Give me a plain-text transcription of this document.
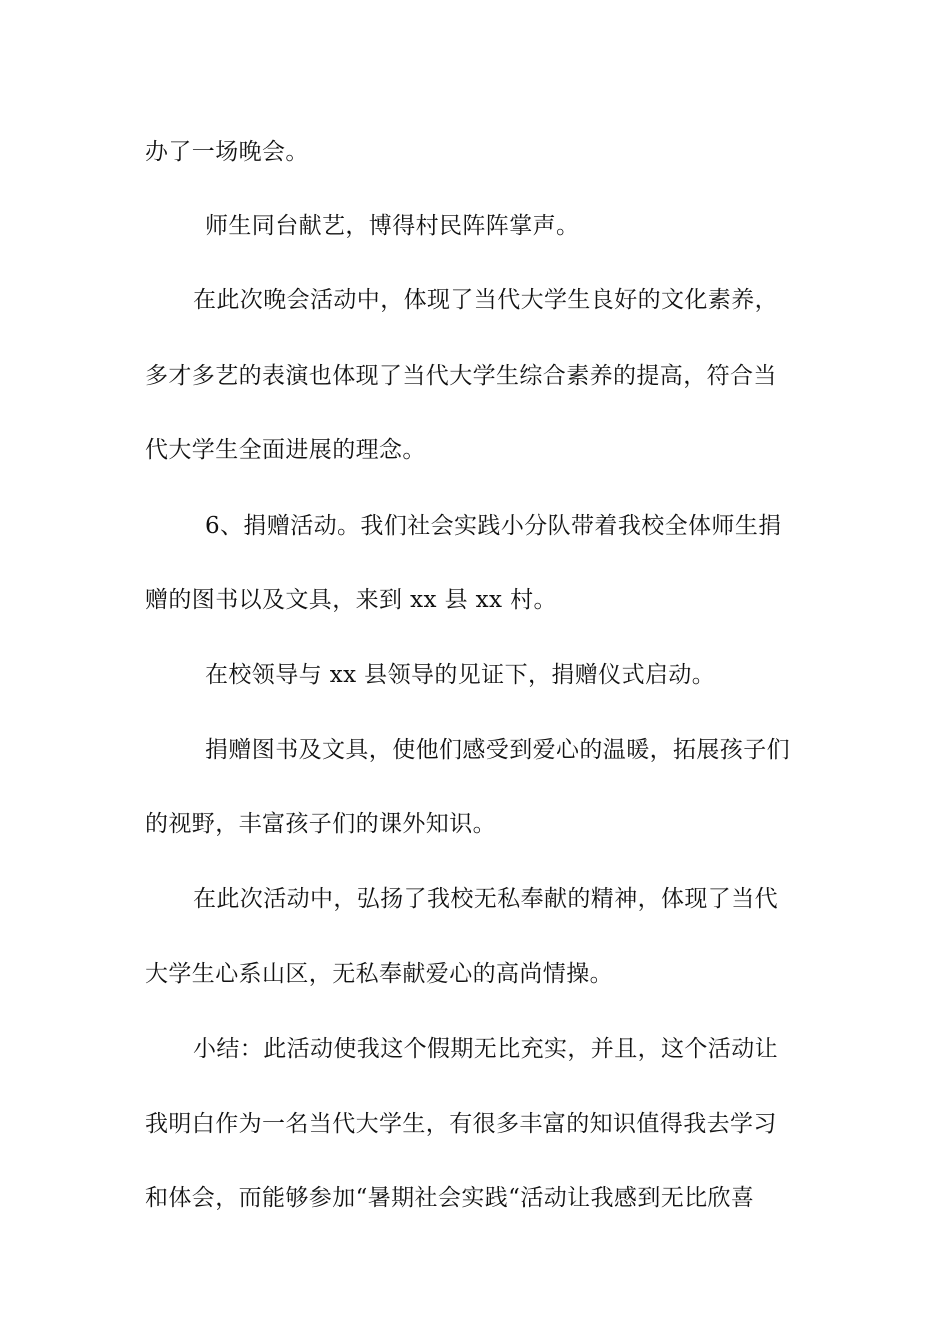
办了一场晚会。

师生同台献艺，博得村民阵阵掌声。

在此次晚会活动中，体现了当代大学生良好的文化素养，

多才多艺的表演也体现了当代大学生综合素养的提高，符合当

代大学生全面进展的理念。

6、捐赠活动。我们社会实践小分队带着我校全体师生捐

赠的图书以及文具，来到 xx 县 xx 村。

在校领导与 xx 县领导的见证下，捐赠仪式启动。

捐赠图书及文具，使他们感受到爱心的温暖，拓展孩子们

的视野，丰富孩子们的课外知识。

在此次活动中，弘扬了我校无私奉献的精神，体现了当代

大学生心系山区，无私奉献爱心的高尚情操。

小结：此活动使我这个假期无比充实，并且，这个活动让

我明白作为一名当代大学生，有很多丰富的知识值得我去学习

和体会，而能够参加“暑期社会实践“活动让我感到无比欣喜
